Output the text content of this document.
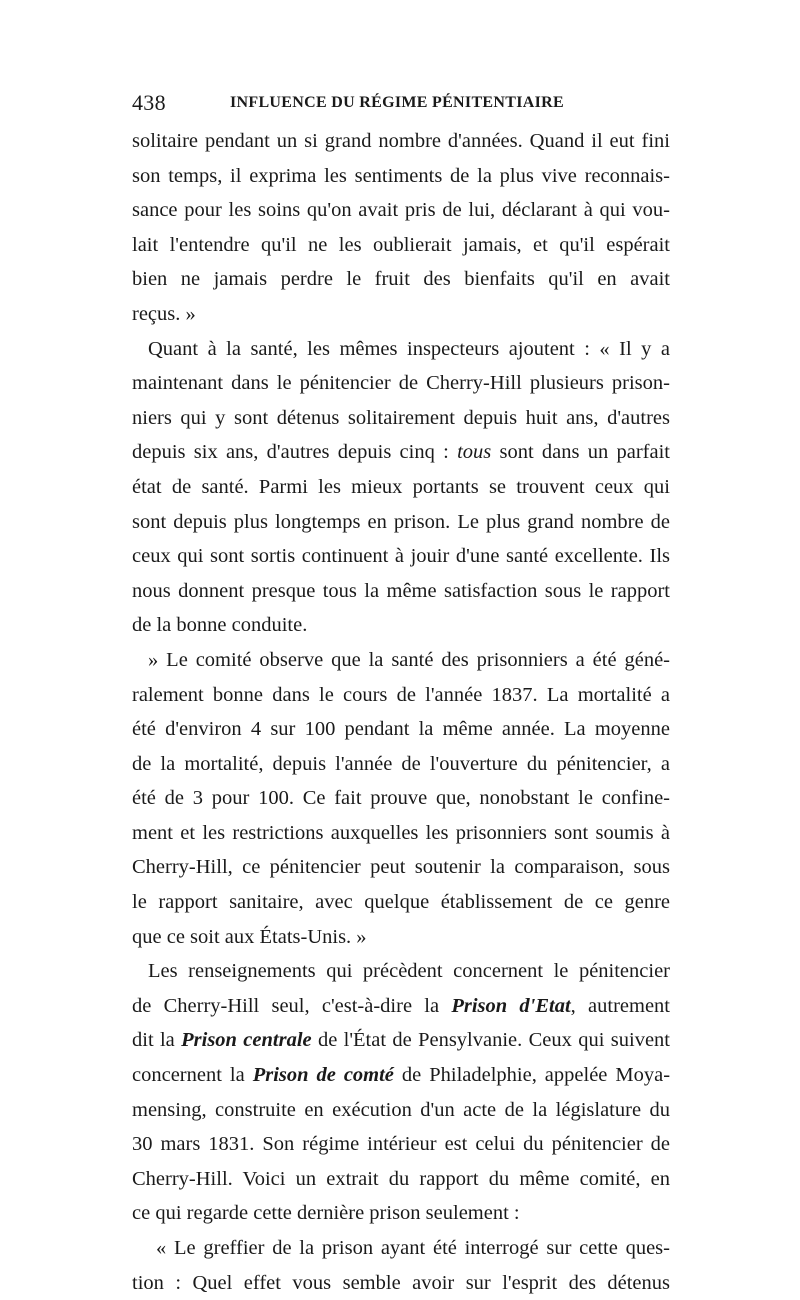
438	INFLUENCE DU RÉGIME PÉNITENTIAIRE
solitaire pendant un si grand nombre d'années. Quand il eut fini
son temps, il exprima les sentiments de la plus vive reconnais-
sance pour les soins qu'on avait pris de lui, déclarant à qui vou-
lait l'entendre qu'il ne les oublierait jamais, et qu'il espérait
bien ne jamais perdre le fruit des bienfaits qu'il en avait
reçus. »
Quant à la santé, les mêmes inspecteurs ajoutent : « Il y a
maintenant dans le pénitencier de Cherry-Hill plusieurs prison-
niers qui y sont détenus solitairement depuis huit ans, d'autres
depuis six ans, d'autres depuis cinq : tous sont dans un parfait
état de santé. Parmi les mieux portants se trouvent ceux qui
sont depuis plus longtemps en prison. Le plus grand nombre de
ceux qui sont sortis continuent à jouir d'une santé excellente. Ils
nous donnent presque tous la même satisfaction sous le rapport
de la bonne conduite.
» Le comité observe que la santé des prisonniers a été géné-
ralement bonne dans le cours de l'année 1837. La mortalité a
été d'environ 4 sur 100 pendant la même année. La moyenne
de la mortalité, depuis l'année de l'ouverture du pénitencier, a
été de 3 pour 100. Ce fait prouve que, nonobstant le confine-
ment et les restrictions auxquelles les prisonniers sont soumis à
Cherry-Hill, ce pénitencier peut soutenir la comparaison, sous
le rapport sanitaire, avec quelque établissement de ce genre
que ce soit aux États-Unis. »
Les renseignements qui précèdent concernent le pénitencier
de Cherry-Hill seul, c'est-à-dire la Prison d'Etat, autrement
dit la Prison centrale de l'État de Pensylvanie. Ceux qui suivent
concernent la Prison de comté de Philadelphie, appelée Moya-
mensing, construite en exécution d'un acte de la législature du
30 mars 1831. Son régime intérieur est celui du pénitencier de
Cherry-Hill. Voici un extrait du rapport du même comité, en
ce qui regarde cette dernière prison seulement :
« Le greffier de la prison ayant été interrogé sur cette ques-
tion : Quel effet vous semble avoir sur l'esprit des détenus
